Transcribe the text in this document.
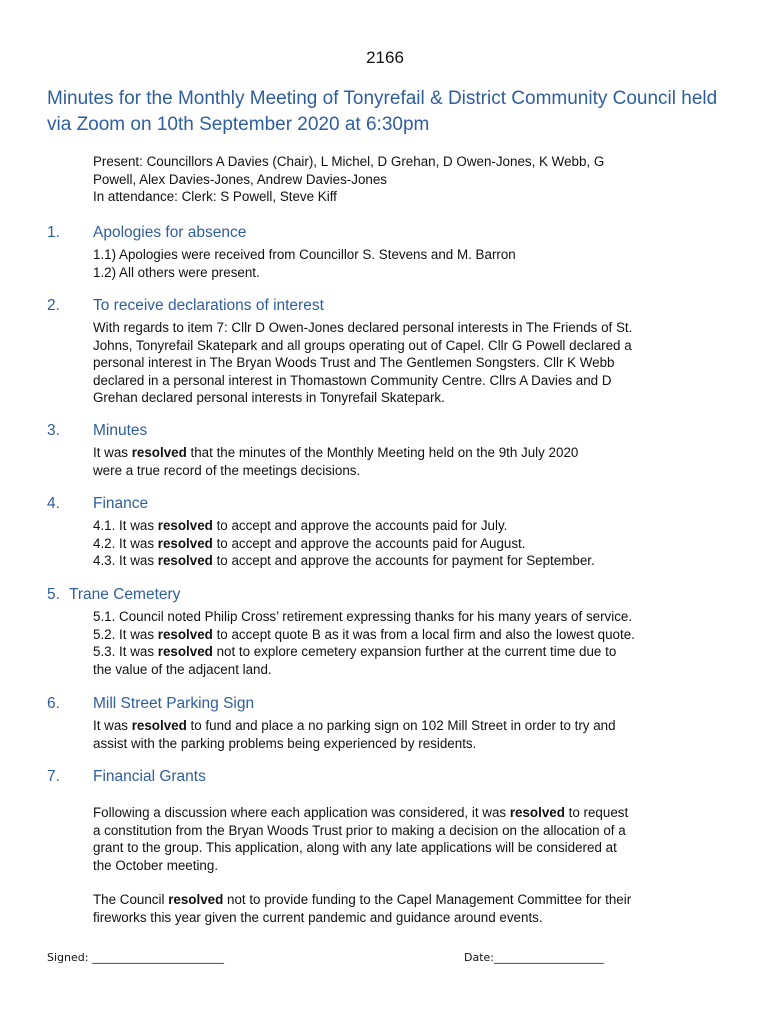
2166
Minutes for the Monthly Meeting of Tonyrefail & District Community Council held via Zoom on 10th September 2020 at 6:30pm
Present: Councillors A Davies (Chair), L Michel, D Grehan, D Owen-Jones, K Webb, G
Powell, Alex Davies-Jones, Andrew Davies-Jones
In attendance: Clerk: S Powell, Steve Kiff
1. Apologies for absence
1.1) Apologies were received from Councillor S. Stevens and M. Barron
1.2) All others were present.
2. To receive declarations of interest
With regards to item 7: Cllr D Owen-Jones declared personal interests in The Friends of St.
Johns, Tonyrefail Skatepark and all groups operating out of Capel. Cllr G Powell declared a
personal interest in The Bryan Woods Trust and The Gentlemen Songsters. Cllr K Webb
declared in a personal interest in Thomastown Community Centre. Cllrs A Davies and D
Grehan declared personal interests in Tonyrefail Skatepark.
3. Minutes
It was resolved that the minutes of the Monthly Meeting held on the 9th July 2020
were a true record of the meetings decisions.
4. Finance
4.1. It was resolved to accept and approve the accounts paid for July.
4.2. It was resolved to accept and approve the accounts paid for August.
4.3. It was resolved to accept and approve the accounts for payment for September.
5. Trane Cemetery
5.1. Council noted Philip Cross’ retirement expressing thanks for his many years of service.
5.2. It was resolved to accept quote B as it was from a local firm and also the lowest quote.
5.3. It was resolved not to explore cemetery expansion further at the current time due to
the value of the adjacent land.
6. Mill Street Parking Sign
It was resolved to fund and place a no parking sign on 102 Mill Street in order to try and
assist with the parking problems being experienced by residents.
7. Financial Grants
Following a discussion where each application was considered, it was resolved to request
a constitution from the Bryan Woods Trust prior to making a decision on the allocation of a
grant to the group. This application, along with any late applications will be considered at
the October meeting.
The Council resolved not to provide funding to the Capel Management Committee for their
fireworks this year given the current pandemic and guidance around events.
Signed: ________________________	Date:____________________
